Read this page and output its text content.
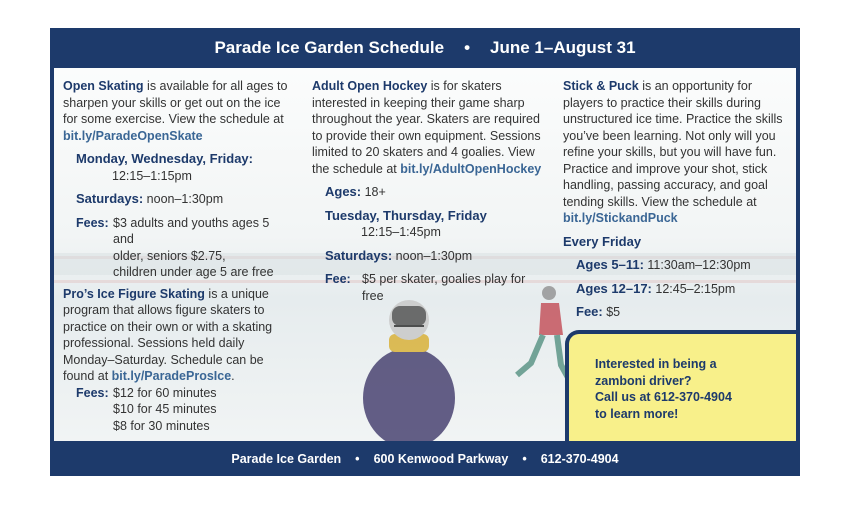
Parade Ice Garden Schedule • June 1–August 31

Open Skating is available for all ages to sharpen your skills or get out on the ice for some exercise. View the schedule at bit.ly/ParadeOpenSkate

Monday, Wednesday, Friday:

12:15–1:15pm

Saturdays: noon–1:30pm

Fees: $3 adults and youths ages 5 and

older, seniors $2.75,

children under age 5 are free

Pro’s Ice Figure Skating is a unique program that allows figure skaters to practice on their own or with a skating professional. Sessions held daily Monday–Saturday. Schedule can be found at bit.ly/ParadeProsIce.

Fees: $12 for 60 minutes

$10 for 45 minutes

$8 for 30 minutes

Adult Open Hockey is for skaters interested in keeping their game sharp throughout the year. Skaters are required to provide their own equipment. Sessions limited to 20 skaters and 4 goalies. View the schedule at bit.ly/AdultOpenHockey

Ages: 18+

Tuesday, Thursday, Friday

12:15–1:45pm

Saturdays: noon–1:30pm

Fee: $5 per skater, goalies play for free

Stick & Puck is an opportunity for players to practice their skills during unstructured ice time. Practice the skills you’ve been learning. Not only will you refine your skills, but you will have fun. Practice and improve your shot, stick handling, passing accuracy, and goal tending skills. View the schedule at bit.ly/StickandPuck

Every Friday

Ages 5–11: 11:30am–12:30pm

Ages 12–17: 12:45–2:15pm

Fee: $5

Interested in being a

zamboni driver?

Call us at 612-370-4904

to learn more!

Parade Ice Garden • 600 Kenwood Parkway • 612-370-4904
